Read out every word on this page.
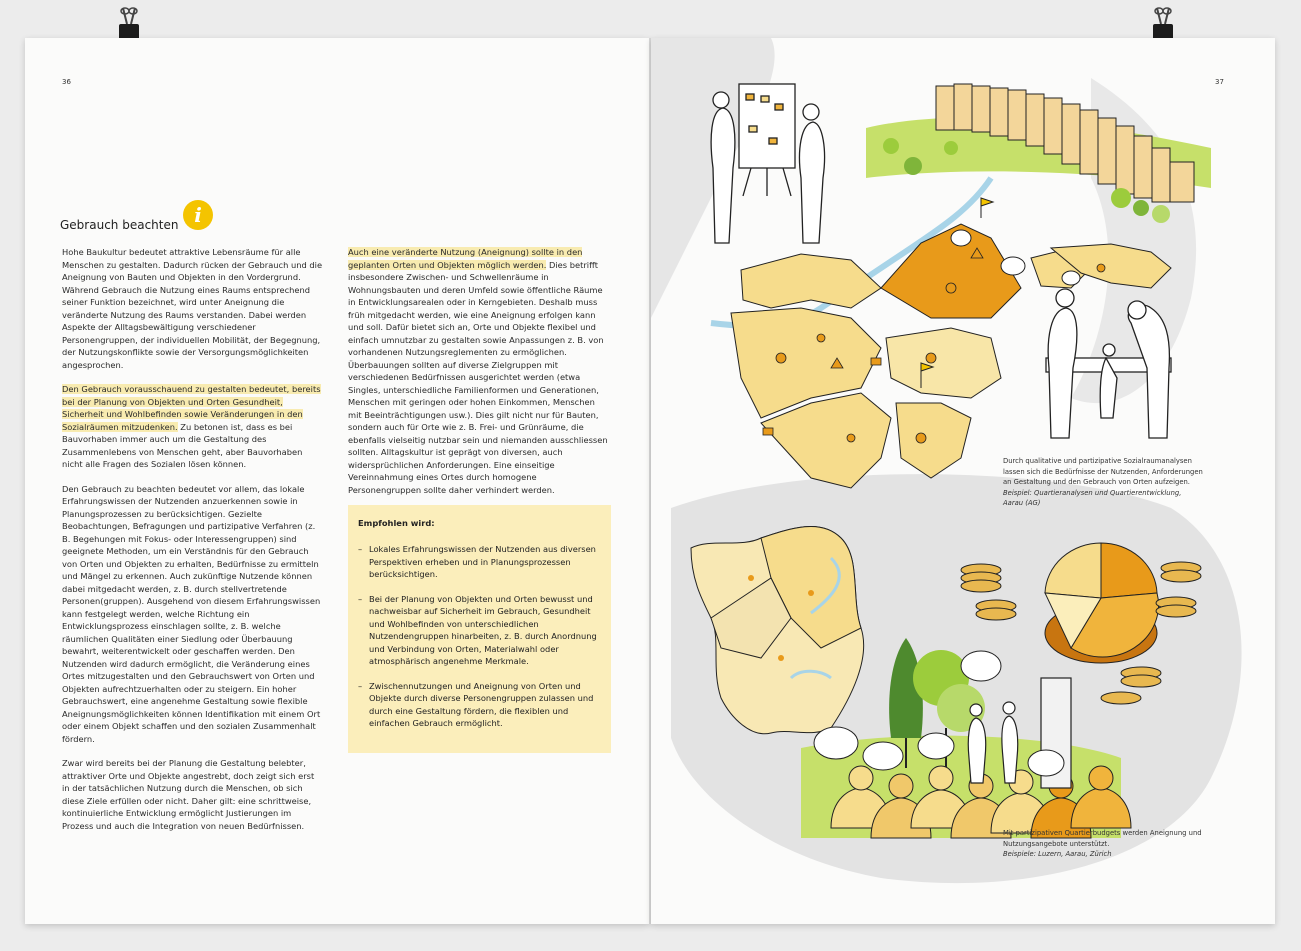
36
Gebrauch beachten i

Hohe Baukultur bedeutet attraktive Lebensräume für alle Menschen zu gestalten. Dadurch rücken der Gebrauch und die Aneignung von Bauten und Objekten in den Vordergrund. Während Gebrauch die Nutzung eines Raums entsprechend seiner Funktion bezeichnet, wird unter Aneignung die veränderte Nutzung des Raums verstanden. Dabei werden Aspekte der Alltagsbewältigung verschiedener Personengruppen, der individuellen Mobilität, der Begegnung, der Nutzungskonflikte sowie der Versorgungsmöglichkeiten angesprochen.

Den Gebrauch vorausschauend zu gestalten bedeutet, bereits bei der Planung von Objekten und Orten Gesundheit, Sicherheit und Wohlbefinden sowie Veränderungen in den Sozialräumen mitzudenken. Zu betonen ist, dass es bei Bauvorhaben immer auch um die Gestaltung des Zusammenlebens von Menschen geht, aber Bauvorhaben nicht alle Fragen des Sozialen lösen können.

Den Gebrauch zu beachten bedeutet vor allem, das lokale Erfahrungswissen der Nutzenden anzuerkennen sowie in Planungsprozessen zu berücksichtigen. Gezielte Beobachtungen, Befragungen und partizipative Verfahren (z. B. Begehungen mit Fokus- oder Interessengruppen) sind geeignete Methoden, um ein Verständnis für den Gebrauch von Orten und Objekten zu erhalten, Bedürfnisse zu ermitteln und Mängel zu erkennen. Auch zukünftige Nutzende können dabei mitgedacht werden, z. B. durch stellvertretende Personen(gruppen). Ausgehend von diesem Erfahrungswissen kann festgelegt werden, welche Richtung ein Entwicklungsprozess einschlagen sollte, z. B. welche räumlichen Qualitäten einer Siedlung oder Überbauung bewahrt, weiterentwickelt oder geschaffen werden. Den Nutzenden wird dadurch ermöglicht, die Veränderung eines Ortes mitzugestalten und den Gebrauchswert von Orten und Objekten aufrechtzuerhalten oder zu steigern. Ein hoher Gebrauchswert, eine angenehme Gestaltung sowie flexible Aneignungsmöglichkeiten können Identifikation mit einem Ort oder einem Objekt schaffen und den sozialen Zusammenhalt fördern.

Zwar wird bereits bei der Planung die Gestaltung belebter, attraktiver Orte und Objekte angestrebt, doch zeigt sich erst in der tatsächlichen Nutzung durch die Menschen, ob sich diese Ziele erfüllen oder nicht. Daher gilt: eine schrittweise, kontinuierliche Entwicklung ermöglicht Justierungen im Prozess und auch die Integration von neuen Bedürfnissen.

Auch eine veränderte Nutzung (Aneignung) sollte in den geplanten Orten und Objekten möglich werden. Dies betrifft insbesondere Zwischen- und Schwellenräume in Wohnungsbauten und deren Umfeld sowie öffentliche Räume in Entwicklungsarealen oder in Kerngebieten. Deshalb muss früh mitgedacht werden, wie eine Aneignung erfolgen kann und soll. Dafür bietet sich an, Orte und Objekte flexibel und einfach umnutzbar zu gestalten sowie Anpassungen z. B. von vorhandenen Nutzungsreglementen zu ermöglichen. Überbauungen sollten auf diverse Zielgruppen mit verschiedenen Bedürfnissen ausgerichtet werden (etwa Singles, unterschiedliche Familienformen und Generationen, Menschen mit geringen oder hohen Einkommen, Menschen mit Beeinträchtigungen usw.). Dies gilt nicht nur für Bauten, sondern auch für Orte wie z. B. Frei- und Grünräume, die ebenfalls vielseitig nutzbar sein und niemanden ausschliessen sollten. Alltagskultur ist geprägt von diversen, auch widersprüchlichen Anforderungen. Eine einseitige Vereinnahmung eines Ortes durch homogene Personengruppen sollte daher verhindert werden.

Empfohlen wird:
– Lokales Erfahrungswissen der Nutzenden aus diversen Perspektiven erheben und in Planungsprozessen berücksichtigen.
– Bei der Planung von Objekten und Orten bewusst und nachweisbar auf Sicherheit im Gebrauch, Gesundheit und Wohlbefinden von unterschiedlichen Nutzendengruppen hinarbeiten, z. B. durch Anordnung und Verbindung von Orten, Materialwahl oder atmosphärisch angenehme Merkmale.
– Zwischennutzungen und Aneignung von Orten und Objekte durch diverse Personengruppen zulassen und durch eine Gestaltung fördern, die flexiblen und einfachen Gebrauch ermöglicht.
37
Durch qualitative und partizipative Sozialraumanalysen lassen sich die Bedürfnisse der Nutzenden, Anforderungen an Gestaltung und den Gebrauch von Orten aufzeigen. Beispiel: Quartieranalysen und Quartierentwicklung, Aarau (AG)
Mit partizipativen Quartierbudgets werden Aneignung und Nutzungsangebote unterstützt.
Beispiele: Luzern, Aarau, Zürich
